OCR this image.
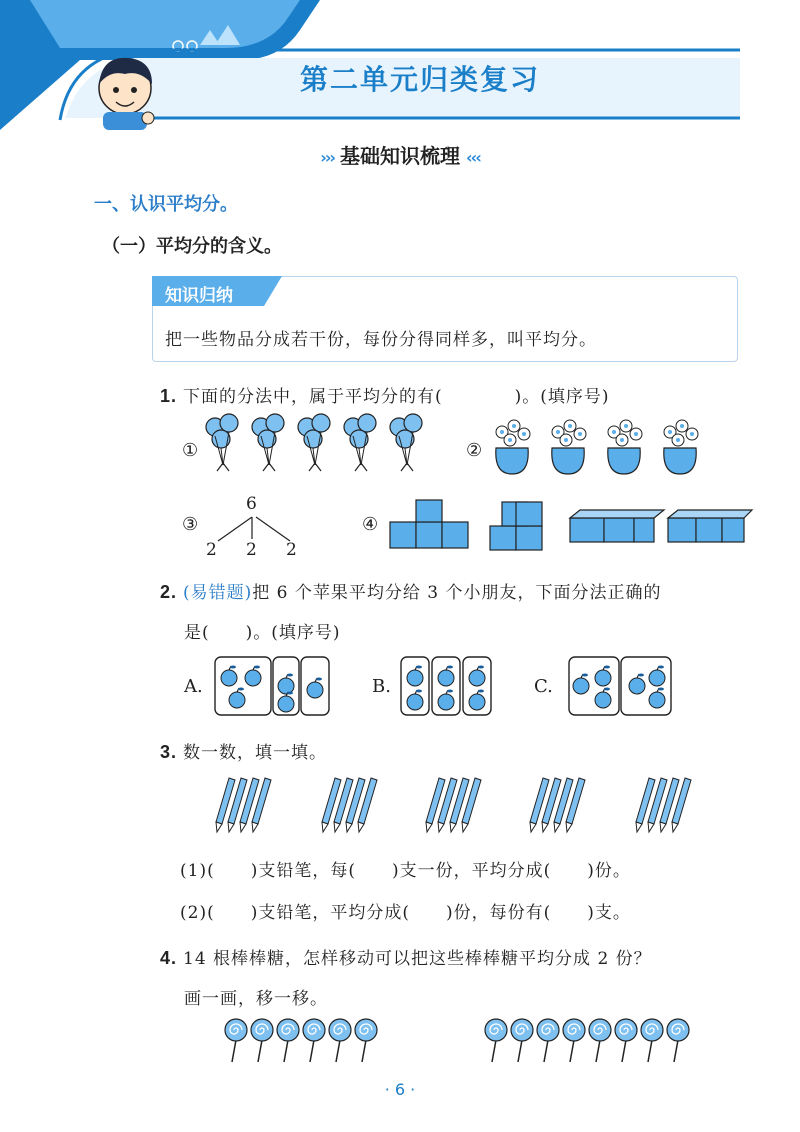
第二单元归类复习
››› 基础知识梳理 ‹‹‹
一、认识平均分。
（一）平均分的含义。
知识归纳
把一些物品分成若干份，每份分得同样多，叫平均分。
1. 下面的分法中，属于平均分的有(　　　　)。(填序号)
①	②
③
6
2 2 2
④
2. (易错题)把 6 个苹果平均分给 3 个小朋友，下面分法正确的
是(　　)。(填序号)
A.	B.	C.
3. 数一数，填一填。
(1)(　　)支铅笔，每(　　)支一份，平均分成(　　)份。
(2)(　　)支铅笔，平均分成(　　)份，每份有(　　)支。
4. 14 根棒棒糖，怎样移动可以把这些棒棒糖平均分成 2 份？
画一画，移一移。
· 6 ·
